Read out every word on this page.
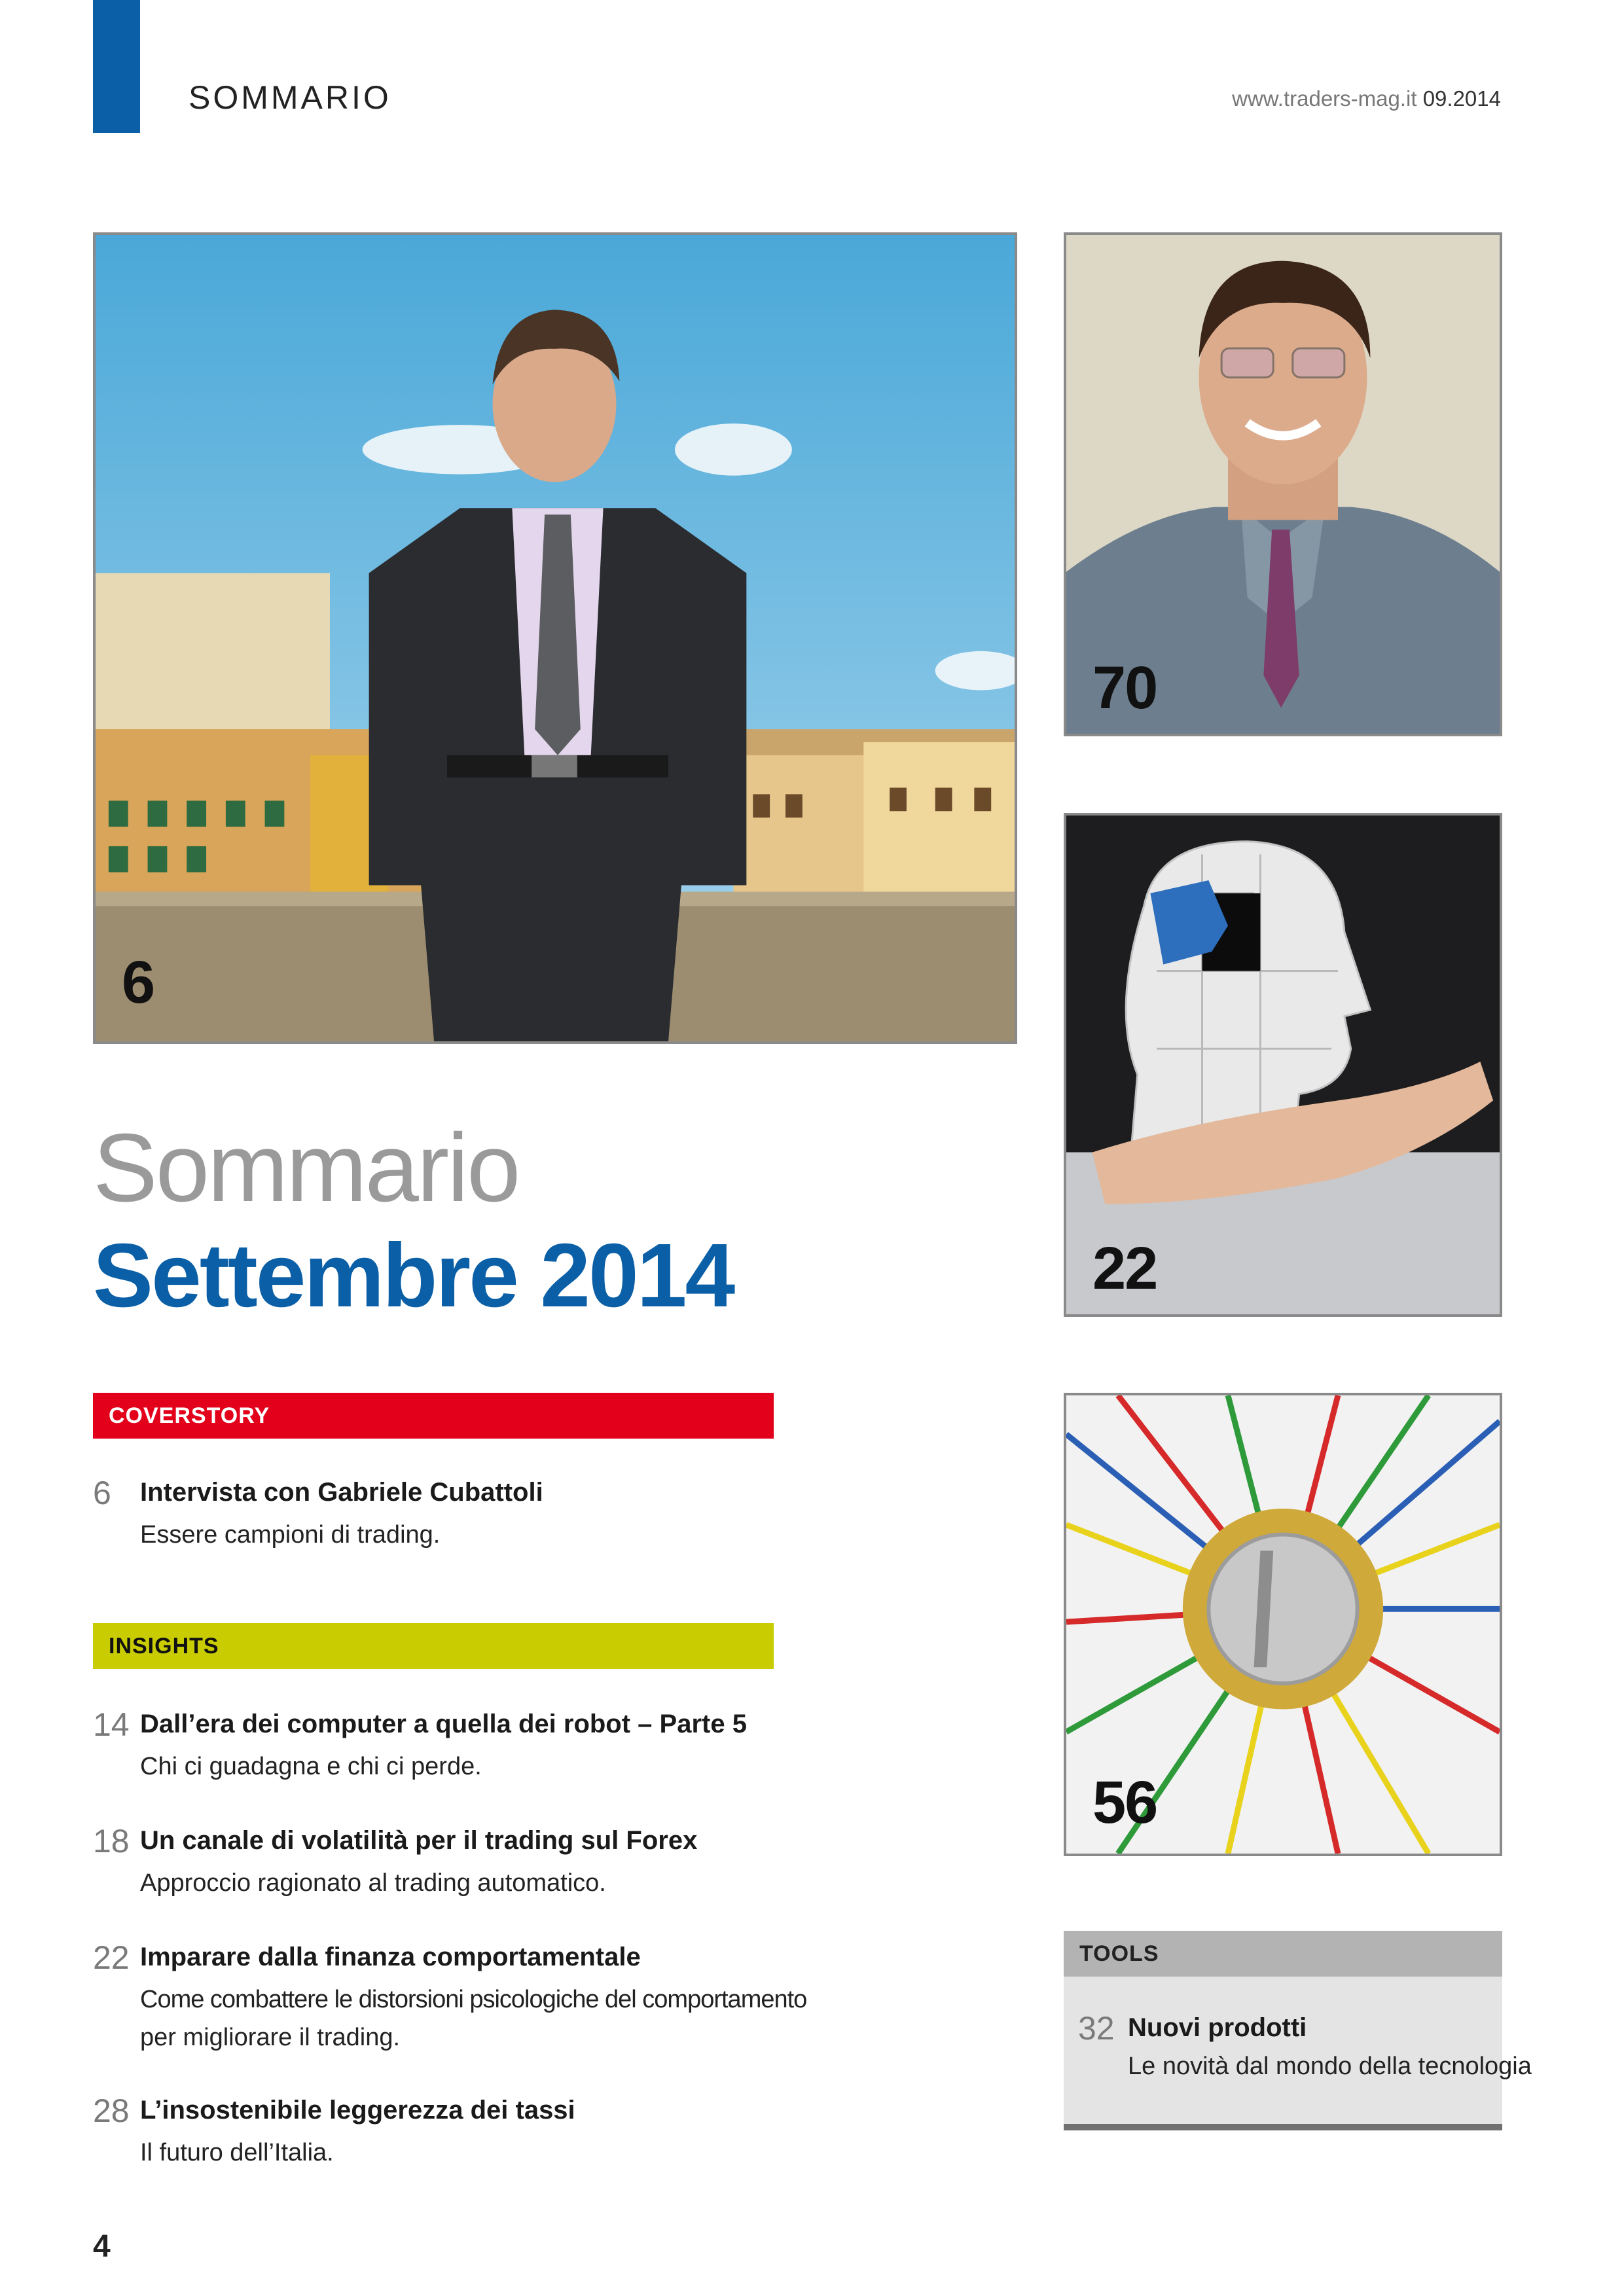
SOMMARIO	www.traders-mag.it 09.2014
6
70
22
56
Sommario
Settembre 2014
COVERSTORY
6 Intervista con Gabriele Cubattoli
Essere campioni di trading.
INSIGHTS
14 Dall’era dei computer a quella dei robot – Parte 5
Chi ci guadagna e chi ci perde.
18 Un canale di volatilità per il trading sul Forex
Approccio ragionato al trading automatico.
22 Imparare dalla finanza comportamentale
Come combattere le distorsioni psicologiche del comportamento
per migliorare il trading.
28 L’insostenibile leggerezza dei tassi
Il futuro dell’Italia.
TOOLS
32 Nuovi prodotti
Le novità dal mondo della tecnologia
4
